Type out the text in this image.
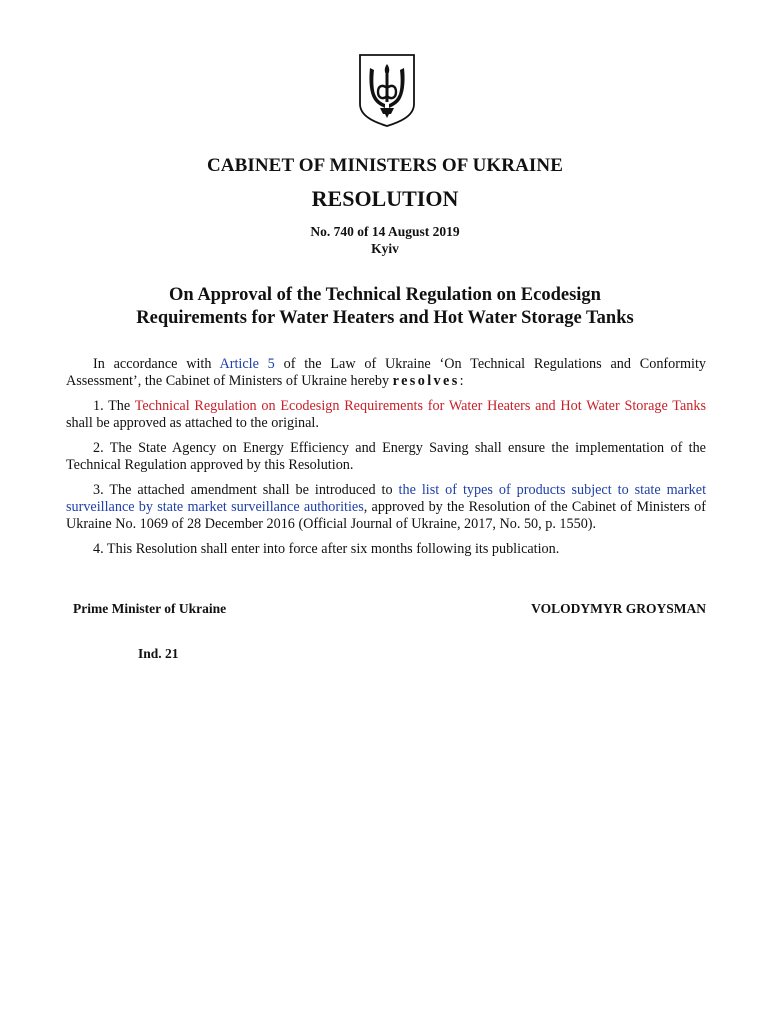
CABINET OF MINISTERS OF UKRAINE
RESOLUTION
No. 740 of 14 August 2019
Kyiv
On Approval of the Technical Regulation on Ecodesign
Requirements for Water Heaters and Hot Water Storage Tanks

In accordance with Article 5 of the Law of Ukraine ‘On Technical Regulations and Conformity Assessment’, the Cabinet of Ministers of Ukraine hereby resolves:

1. The Technical Regulation on Ecodesign Requirements for Water Heaters and Hot Water Storage Tanks shall be approved as attached to the original.

2. The State Agency on Energy Efficiency and Energy Saving shall ensure the implementation of the Technical Regulation approved by this Resolution.

3. The attached amendment shall be introduced to the list of types of products subject to state market surveillance by state market surveillance authorities, approved by the Resolution of the Cabinet of Ministers of Ukraine No. 1069 of 28 December 2016 (Official Journal of Ukraine, 2017, No. 50, p. 1550).

4. This Resolution shall enter into force after six months following its publication.

Prime Minister of Ukraine	VOLODYMYR GROYSMAN
Ind. 21
